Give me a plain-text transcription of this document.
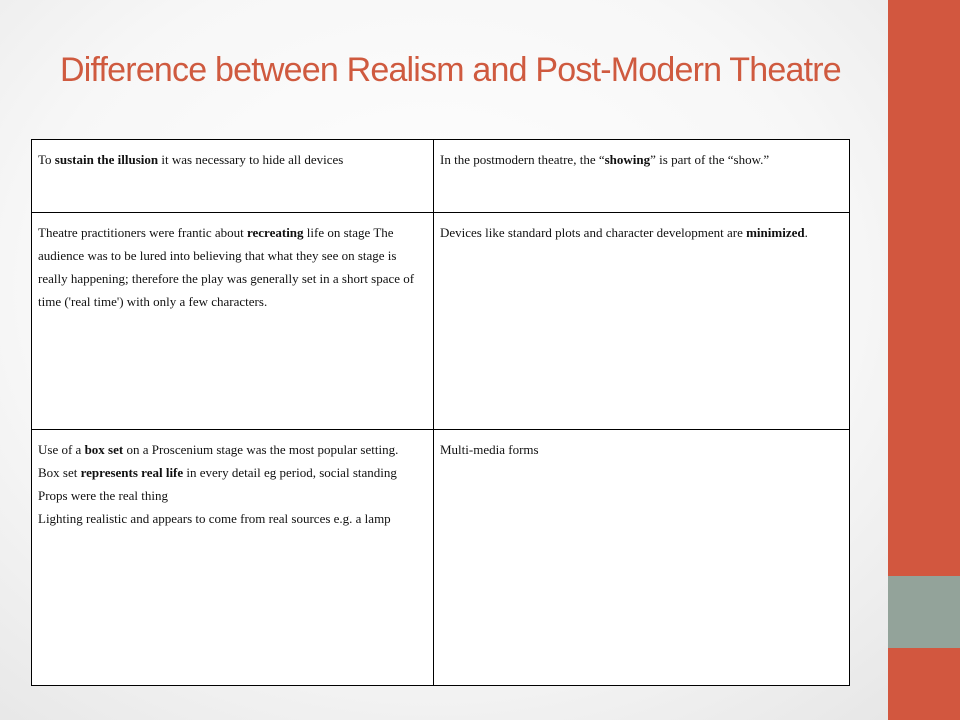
Difference between Realism and Post-Modern Theatre
To sustain the illusion it was necessary to hide all devices	In the postmodern theatre, the “showing” is part of the “show.”
Theatre practitioners were frantic about recreating life on stage The audience was to be lured into believing that what they see on stage is really happening; therefore the play was generally set in a short space of time ('real time') with only a few characters.	Devices like standard plots and character development are minimized.

Use of a box set on a Proscenium stage was the most popular setting.

Box set represents real life in every detail eg period, social standing

Props were the real thing

Lighting realistic and appears to come from real sources e.g. a lamp	Multi-media forms
